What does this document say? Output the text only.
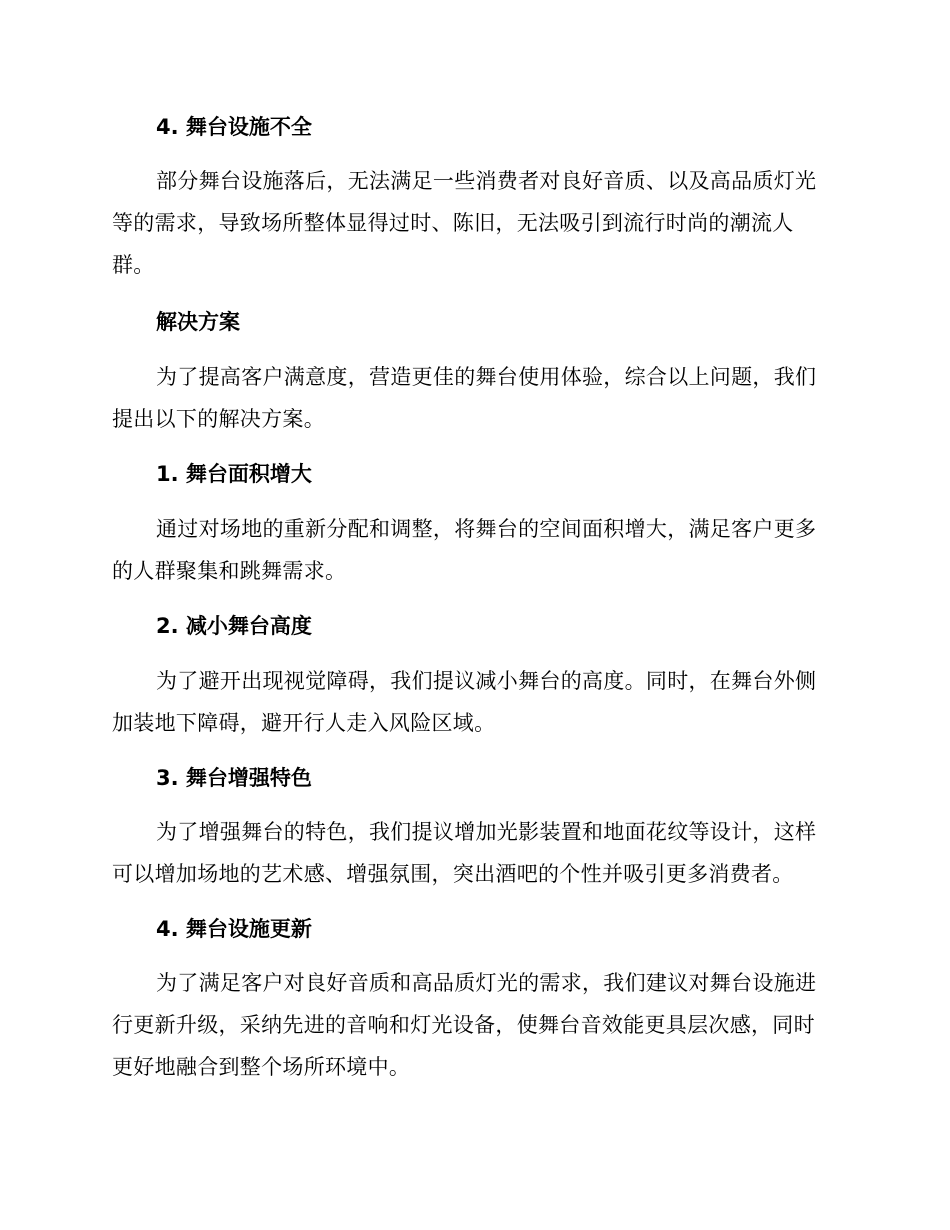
4. 舞台设施不全
部分舞台设施落后，无法满足一些消费者对良好音质、以及高品质灯光等的需求，导致场所整体显得过时、陈旧，无法吸引到流行时尚的潮流人群。
解决方案
为了提高客户满意度，营造更佳的舞台使用体验，综合以上问题，我们提出以下的解决方案。
1. 舞台面积增大
通过对场地的重新分配和调整，将舞台的空间面积增大，满足客户更多的人群聚集和跳舞需求。
2. 减小舞台高度
为了避开出现视觉障碍，我们提议减小舞台的高度。同时，在舞台外侧加装地下障碍，避开行人走入风险区域。
3. 舞台增强特色
为了增强舞台的特色，我们提议增加光影装置和地面花纹等设计，这样可以增加场地的艺术感、增强氛围，突出酒吧的个性并吸引更多消费者。
4. 舞台设施更新
为了满足客户对良好音质和高品质灯光的需求，我们建议对舞台设施进行更新升级，采纳先进的音响和灯光设备，使舞台音效能更具层次感，同时更好地融合到整个场所环境中。
